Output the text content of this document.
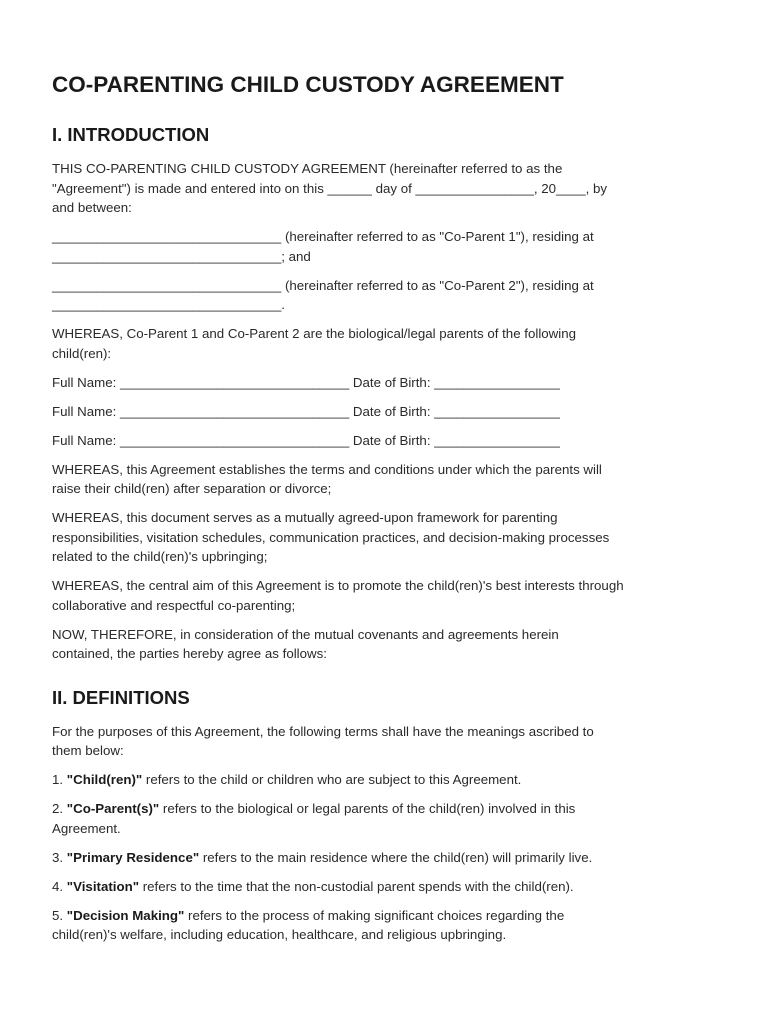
CO-PARENTING CHILD CUSTODY AGREEMENT
I. INTRODUCTION

THIS CO-PARENTING CHILD CUSTODY AGREEMENT (hereinafter referred to as the
"Agreement") is made and entered into on this ______ day of ________________, 20____, by
and between:

_______________________________ (hereinafter referred to as "Co-Parent 1"), residing at
_______________________________; and

_______________________________ (hereinafter referred to as "Co-Parent 2"), residing at
_______________________________.

WHEREAS, Co-Parent 1 and Co-Parent 2 are the biological/legal parents of the following
child(ren):

Full Name: _______________________________ Date of Birth: _________________

Full Name: _______________________________ Date of Birth: _________________

Full Name: _______________________________ Date of Birth: _________________

WHEREAS, this Agreement establishes the terms and conditions under which the parents will
raise their child(ren) after separation or divorce;

WHEREAS, this document serves as a mutually agreed-upon framework for parenting
responsibilities, visitation schedules, communication practices, and decision-making processes
related to the child(ren)'s upbringing;

WHEREAS, the central aim of this Agreement is to promote the child(ren)'s best interests through
collaborative and respectful co-parenting;

NOW, THEREFORE, in consideration of the mutual covenants and agreements herein
contained, the parties hereby agree as follows:

II. DEFINITIONS

For the purposes of this Agreement, the following terms shall have the meanings ascribed to
them below:

1. "Child(ren)" refers to the child or children who are subject to this Agreement.

2. "Co-Parent(s)" refers to the biological or legal parents of the child(ren) involved in this
Agreement.

3. "Primary Residence" refers to the main residence where the child(ren) will primarily live.

4. "Visitation" refers to the time that the non-custodial parent spends with the child(ren).

5. "Decision Making" refers to the process of making significant choices regarding the
child(ren)'s welfare, including education, healthcare, and religious upbringing.
